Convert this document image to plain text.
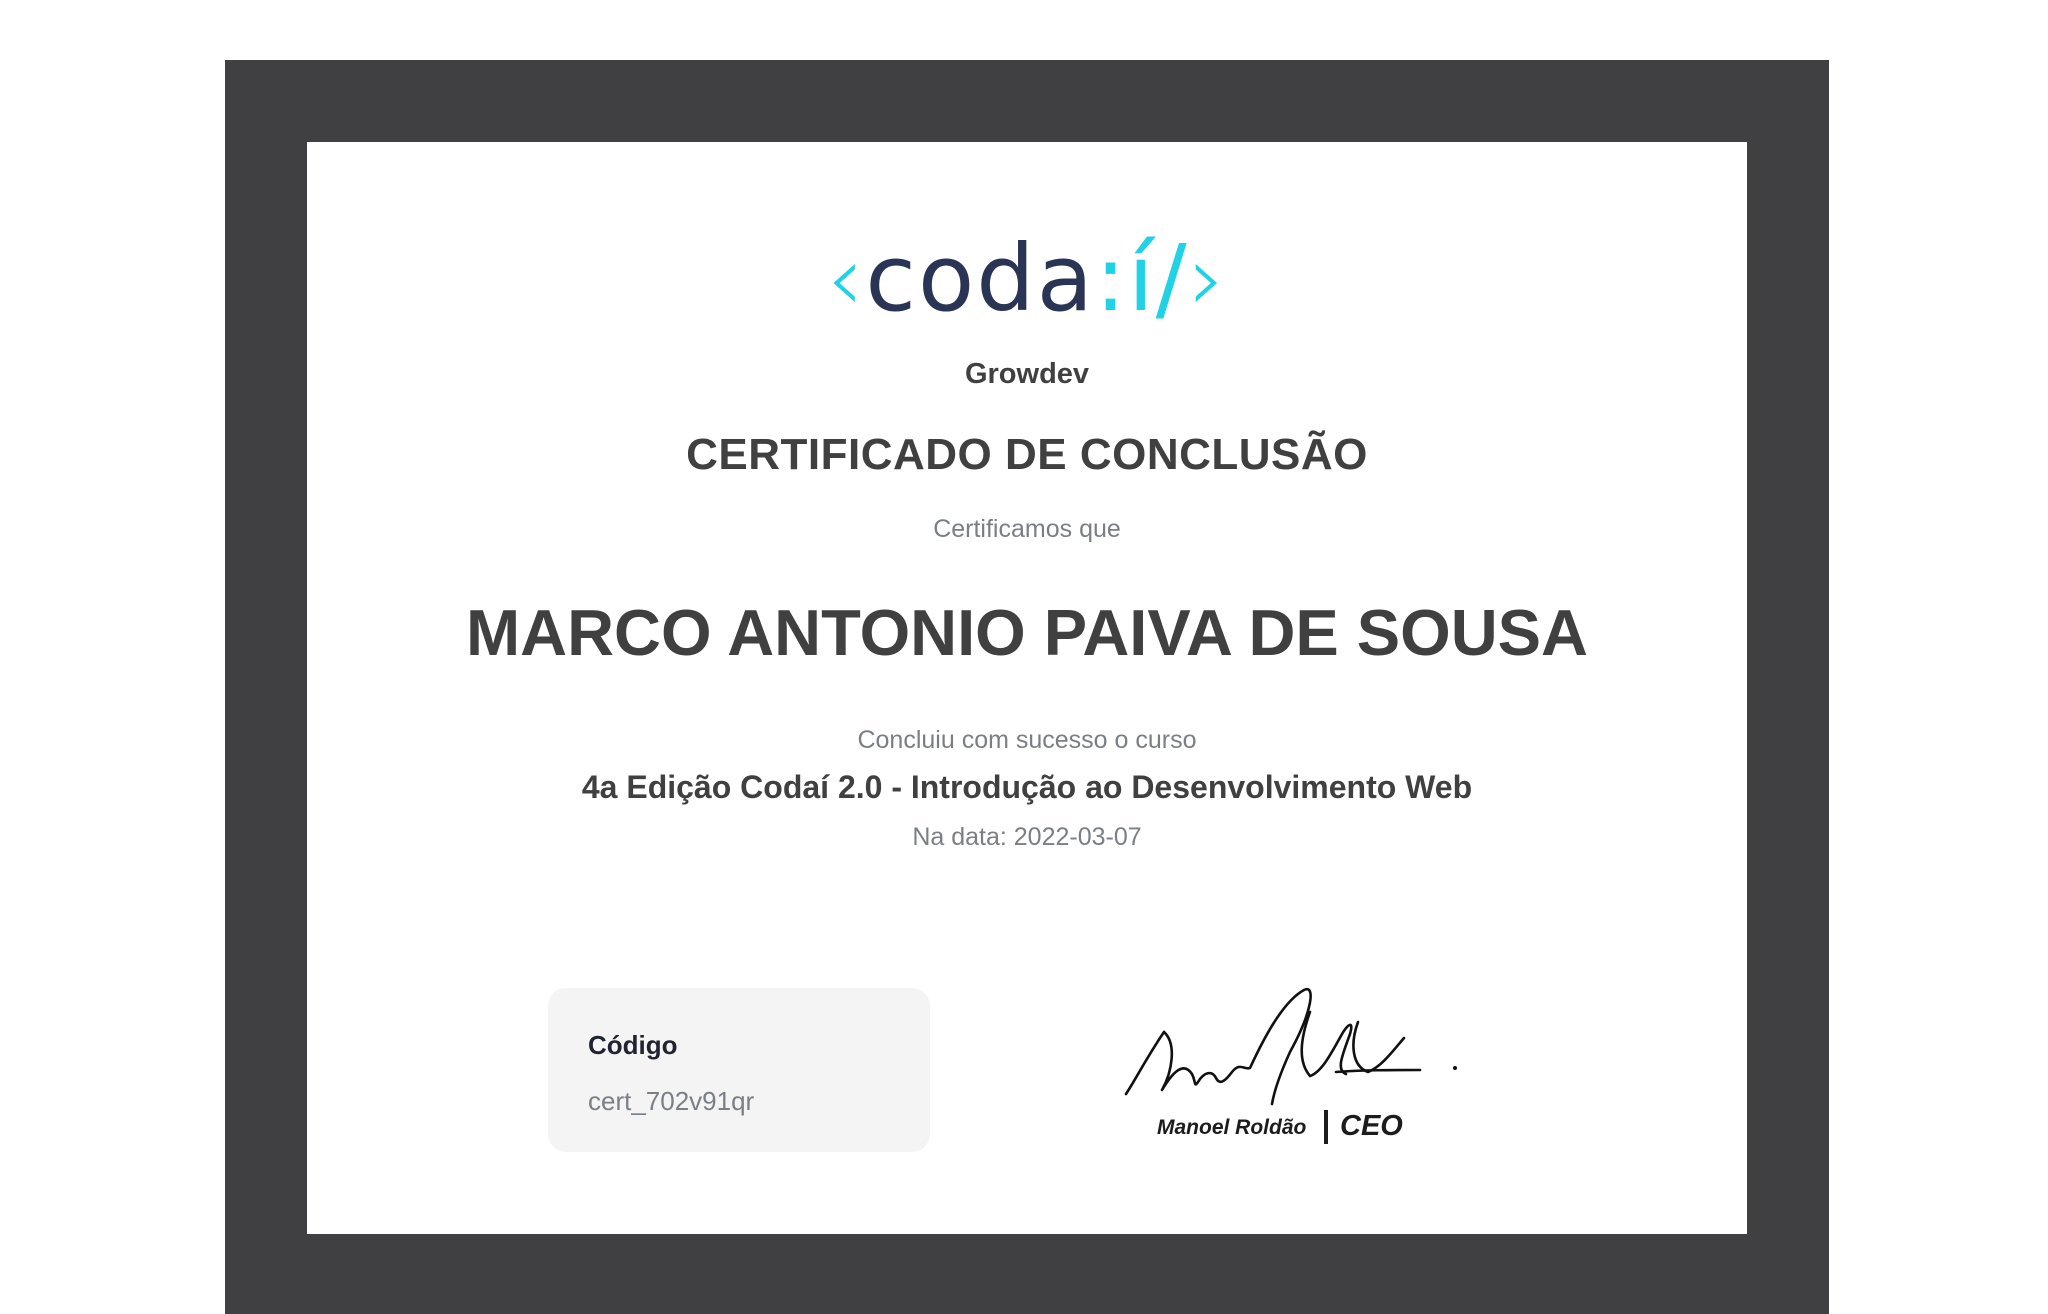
‹coda:í/›
Growdev
CERTIFICADO DE CONCLUSÃO
Certificamos que
MARCO ANTONIO PAIVA DE SOUSA
Concluiu com sucesso o curso
4a Edição Codaí 2.0 - Introdução ao Desenvolvimento Web
Na data: 2022-03-07
Código
cert_702v91qr
Manoel Roldão CEO
